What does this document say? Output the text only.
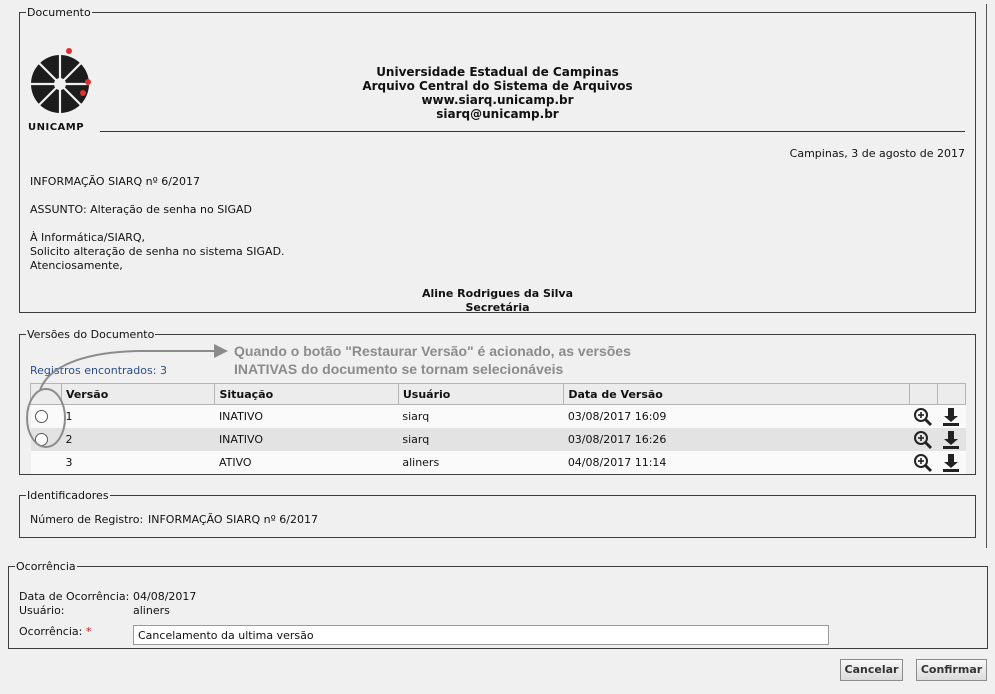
Documento
UNICAMP
Universidade Estadual de Campinas
Arquivo Central do Sistema de Arquivos
www.siarq.unicamp.br
siarq@unicamp.br
Campinas, 3 de agosto de 2017
INFORMAÇÃO SIARQ nº 6/2017
ASSUNTO: Alteração de senha no SIGAD
À Informática/SIARQ,
Solicito alteração de senha no sistema SIGAD.
Atenciosamente,
Aline Rodrigues da Silva
Secretária
Versões do Documento
Registros encontrados: 3
Quando o botão "Restaurar Versão" é acionado, as versões
INATIVAS do documento se tornam selecionáveis
	Versão	Situação	Usuário	Data de Versão		
	1	INATIVO	siarq	03/08/2017 16:09		
	2	INATIVO	siarq	03/08/2017 16:26		
	3	ATIVO	aliners	04/08/2017 11:14		
Identificadores
Número de Registro: INFORMAÇÃO SIARQ nº 6/2017
Ocorrência
Data de Ocorrência: 04/08/2017
Usuário:	aliners
Ocorrência: *	Cancelamento da ultima versão
Cancelar	Confirmar
